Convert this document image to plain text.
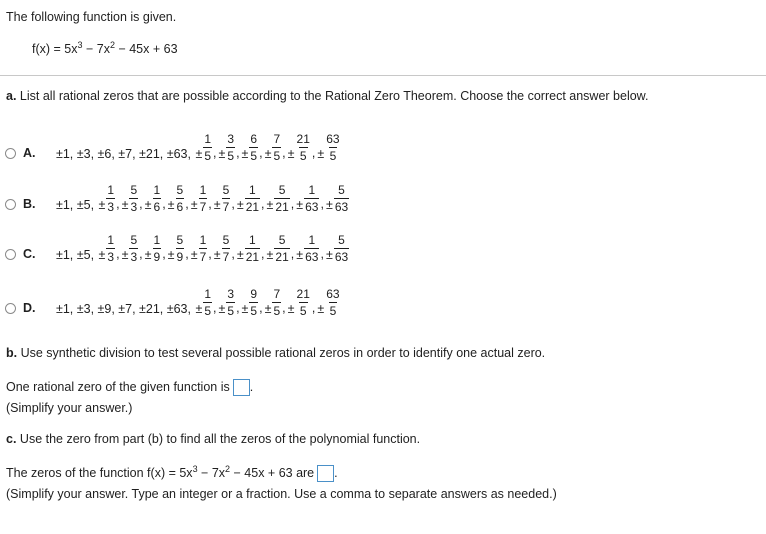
The following function is given.
$f(x) = 5x^3 - 7x^2 - 45x + 63$
a. List all rational zeros that are possible according to the Rational Zero Theorem. Choose the correct answer below.
A. ±1, ±3, ±6, ±7, ±21, ±63, ± $\frac{1}{5}$ , ± $\frac{3}{5}$ , ± $\frac{6}{5}$ , ± $\frac{7}{5}$ , ± $\frac{21}{5}$ , ± $\frac{63}{5}$
B. ±1, ±5, ± $\frac{1}{3}$ , ± $\frac{5}{3}$ , ± $\frac{1}{6}$ , ± $\frac{5}{6}$ , ± $\frac{1}{7}$ , ± $\frac{5}{7}$ , ± $\frac{1}{21}$ , ± $\frac{5}{21}$ , ± $\frac{1}{63}$ , ± $\frac{5}{63}$
C. ±1, ±5, ± $\frac{1}{3}$ , ± $\frac{5}{3}$ , ± $\frac{1}{9}$ , ± $\frac{5}{9}$ , ± $\frac{1}{7}$ , ± $\frac{5}{7}$ , ± $\frac{1}{21}$ , ± $\frac{5}{21}$ , ± $\frac{1}{63}$ , ± $\frac{5}{63}$
D. ±1, ±3, ±9, ±7, ±21, ±63, ± $\frac{1}{5}$ , ± $\frac{3}{5}$ , ± $\frac{9}{5}$ , ± $\frac{7}{5}$ , ± $\frac{21}{5}$ , ± $\frac{63}{5}$
b. Use synthetic division to test several possible rational zeros in order to identify one actual zero.
One rational zero of the given function is .
(Simplify your answer.)
c. Use the zero from part (b) to find all the zeros of the polynomial function.
The zeros of the function $f(x) = 5x^3 - 7x^2 - 45x + 63$ are .
(Simplify your answer. Type an integer or a fraction. Use a comma to separate answers as needed.)
